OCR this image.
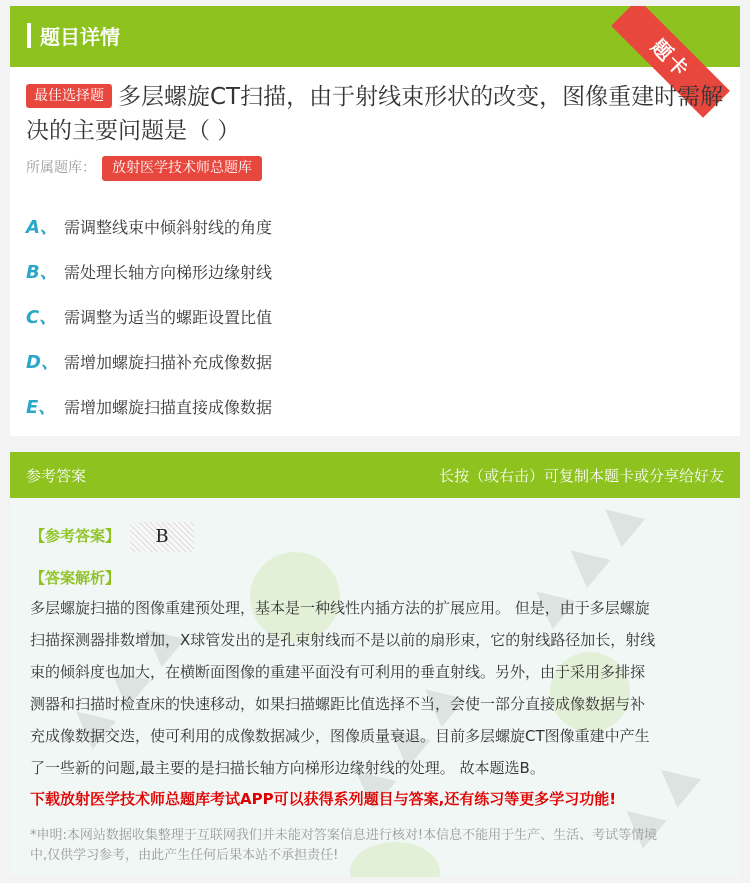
题目详情	题卡
最佳选择题 多层螺旋CT扫描，由于射线束形状的改变，图像重建时需解决的主要问题是（ ）
所属题库： 放射医学技术师总题库
A、 需调整线束中倾斜射线的角度
B、 需处理长轴方向梯形边缘射线
C、 需调整为适当的螺距设置比值
D、 需增加螺旋扫描补充成像数据
E、 需增加螺旋扫描直接成像数据
▲ ▲ ▲
▲ ▲ ▲	▲ ▲ ▲	▲ ▲
参考答案	长按（或右击）可复制本题卡或分享给好友
【参考答案】	B
【答案解析】
多层螺旋扫描的图像重建预处理，基本是一种线性内插方法的扩展应用。 但是，由于多层螺旋
扫描探测器排数增加，X球管发出的是孔束射线而不是以前的扇形束，它的射线路径加长，射线
束的倾斜度也加大，在横断面图像的重建平面没有可利用的垂直射线。另外，由于采用多排探
测器和扫描时检查床的快速移动，如果扫描螺距比值选择不当，会使一部分直接成像数据与补
充成像数据交迭，使可利用的成像数据减少，图像质量衰退。目前多层螺旋CT图像重建中产生
了一些新的问题,最主要的是扫描长轴方向梯形边缘射线的处理。 故本题选B。
下载放射医学技术师总题库考试APP可以获得系列题目与答案,还有练习等更多学习功能!
*申明:本网站数据收集整理于互联网我们并未能对答案信息进行核对!本信息不能用于生产、生活、考试等情境
中,仅供学习参考，由此产生任何后果本站不承担责任!
